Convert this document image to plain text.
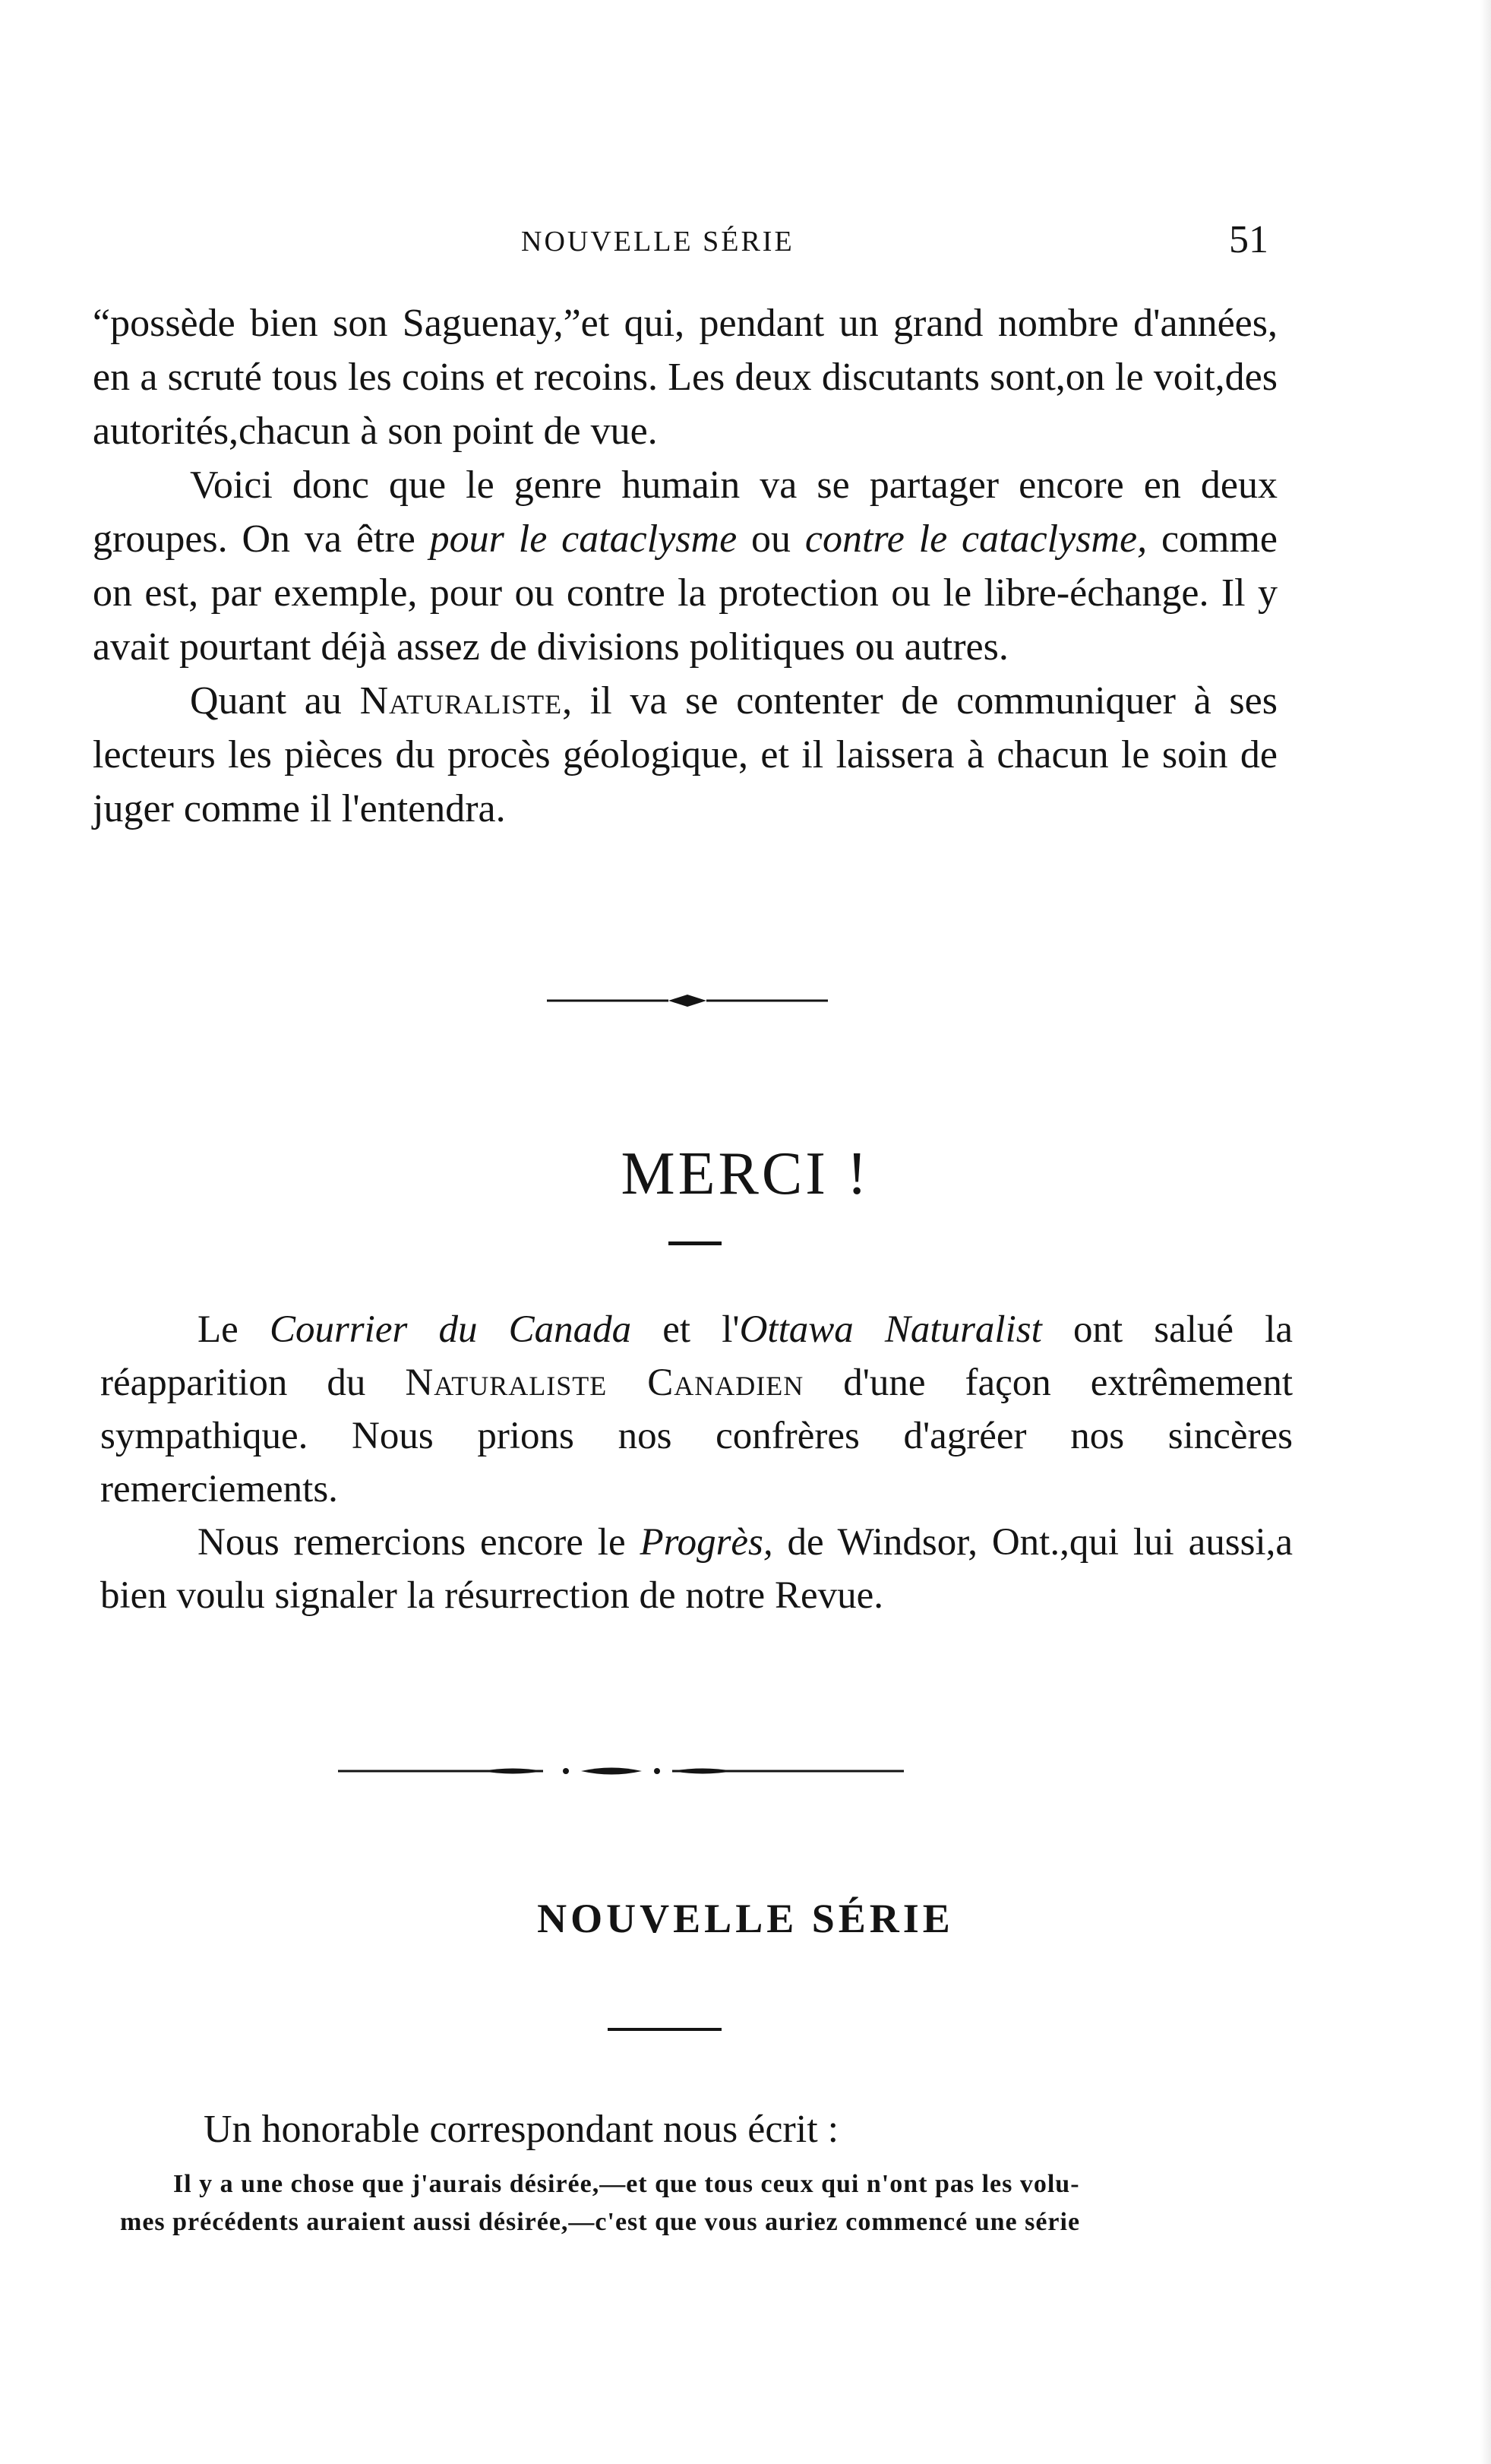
NOUVELLE SÉRIE	51

“possède bien son Saguenay,”et qui, pendant un grand nombre d'années, en a scruté tous les coins et recoins. Les deux discutants sont,on le voit,des autorités,chacun à son point de vue.

Voici donc que le genre humain va se partager encore en deux groupes. On va être pour le cataclysme ou contre le cataclysme, comme on est, par exemple, pour ou contre la protection ou le libre-échange. Il y avait pourtant déjà assez de divisions politiques ou autres.

Quant au Naturaliste, il va se contenter de communiquer à ses lecteurs les pièces du procès géologique, et il laissera à chacun le soin de juger comme il l'entendra.

MERCI !

Le Courrier du Canada et l'Ottawa Naturalist ont salué la réapparition du Naturaliste Canadien d'une façon extrêmement sympathique. Nous prions nos confrères d'agréer nos sincères remerciements.

Nous remercions encore le Progrès, de Windsor, Ont.,qui lui aussi,a bien voulu signaler la résurrection de notre Revue.

NOUVELLE SÉRIE
Un honorable correspondant nous écrit :

Il y a une chose que j'aurais désirée,—et que tous ceux qui n'ont pas les volu-

mes précédents auraient aussi désirée,—c'est que vous auriez commencé une série
